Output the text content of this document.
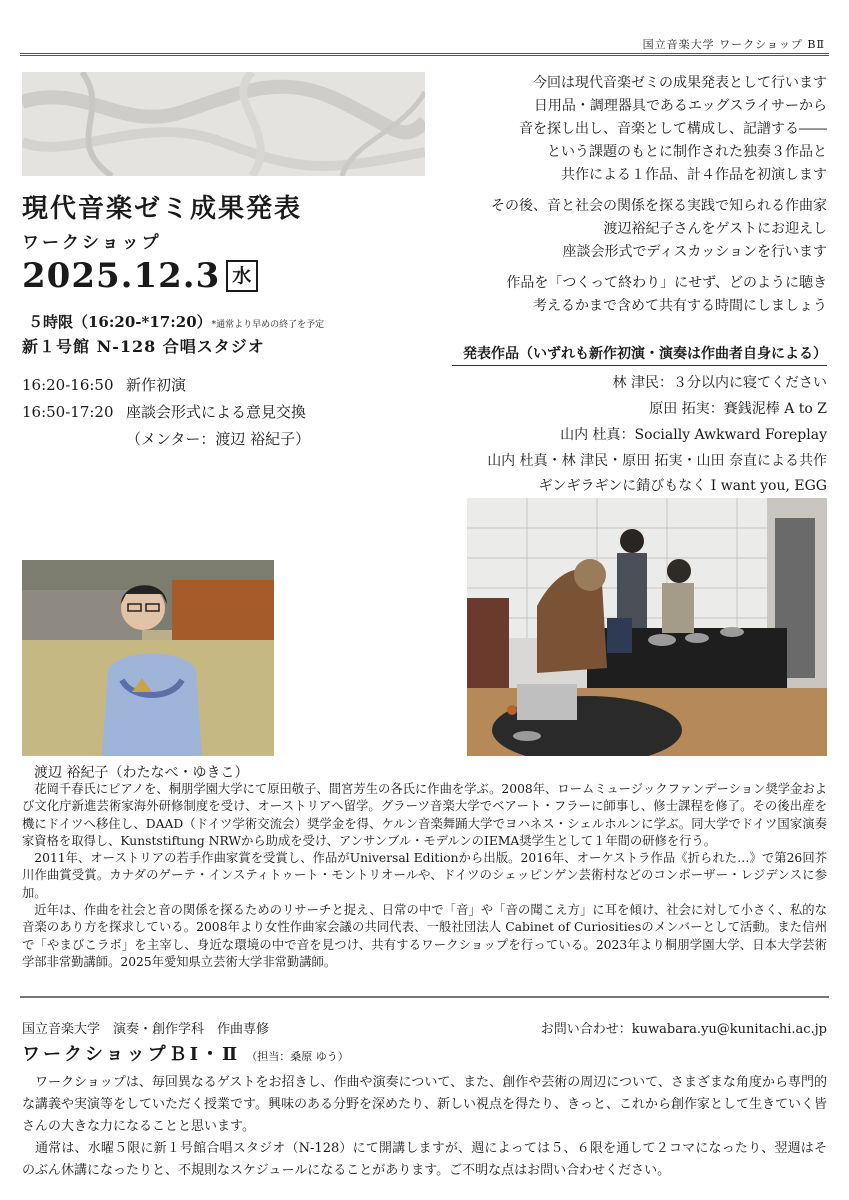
国立音楽大学 ワークショップ BⅡ
現代音楽ゼミ成果発表
ワークショップ
2025.12.3 水
５時限（16:20-*17:20）*通常より早めの終了を予定
新１号館 N-128 合唱スタジオ
16:20-16:50 新作初演
16:50-17:20 座談会形式による意見交換
（メンター：渡辺 裕紀子）

今回は現代音楽ゼミの成果発表として行います
日用品・調理器具であるエッグスライサーから
音を探し出し、音楽として構成し、記譜する――
という課題のもとに制作された独奏３作品と
共作による１作品、計４作品を初演します

その後、音と社会の関係を探る実践で知られる作曲家
渡辺裕紀子さんをゲストにお迎えし
座談会形式でディスカッションを行います

作品を「つくって終わり」にせず、どのように聴き
考えるかまで含めて共有する時間にしましょう

発表作品（いずれも新作初演・演奏は作曲者自身による）
林 津民：３分以内に寝てください
原田 拓実：賽銭泥棒 A to Z
山内 杜真：Socially Awkward Foreplay
山内 杜真・林 津民・原田 拓実・山田 奈直による共作
ギンギラギンに錆びもなく I want you, EGG
渡辺 裕紀子（わたなべ・ゆきこ）

花岡千春氏にピアノを、桐朋学園大学にて原田敬子、間宮芳生の各氏に作曲を学ぶ。2008年、ロームミュージックファンデーション奨学金および文化庁新進芸術家海外研修制度を受け、オーストリアへ留学。グラーツ音楽大学でベアート・フラーに師事し、修士課程を修了。その後出産を機にドイツへ移住し、DAAD（ドイツ学術交流会）奨学金を得、ケルン音楽舞踊大学でヨハネス・シェルホルンに学ぶ。同大学でドイツ国家演奏家資格を取得し、Kunststiftung NRWから助成を受け、アンサンブル・モデルンのIEMA奨学生として１年間の研修を行う。

2011年、オーストリアの若手作曲家賞を受賞し、作品がUniversal Editionから出版。2016年、オーケストラ作品《折られた…》で第26回芥川作曲賞受賞。カナダのゲーテ・インスティトゥート・モントリオールや、ドイツのシェッピンゲン芸術村などのコンポーザー・レジデンスに参加。

近年は、作曲を社会と音の関係を探るためのリサーチと捉え、日常の中で「音」や「音の聞こえ方」に耳を傾け、社会に対して小さく、私的な音楽のあり方を探求している。2008年より女性作曲家会議の共同代表、一般社団法人 Cabinet of Curiositiesのメンバーとして活動。また信州で「やまびこラボ」を主宰し、身近な環境の中で音を見つけ、共有するワークショップを行っている。2023年より桐朋学園大学、日本大学芸術学部非常勤講師。2025年愛知県立芸術大学非常勤講師。

国立音楽大学　演奏・創作学科　作曲専修	お問い合わせ：kuwabara.yu@kunitachi.ac.jp
ワークショップＢⅠ・Ⅱ （担当：桑原 ゆう）

ワークショップは、毎回異なるゲストをお招きし、作曲や演奏について、また、創作や芸術の周辺について、さまざまな角度から専門的な講義や実演等をしていただく授業です。興味のある分野を深めたり、新しい視点を得たり、きっと、これから創作家として生きていく皆さんの大きな力になることと思います。

通常は、水曜５限に新１号館合唱スタジオ（N-128）にて開講しますが、週によっては５、６限を通して２コマになったり、翌週はそのぶん休講になったりと、不規則なスケジュールになることがあります。ご不明な点はお問い合わせください。
